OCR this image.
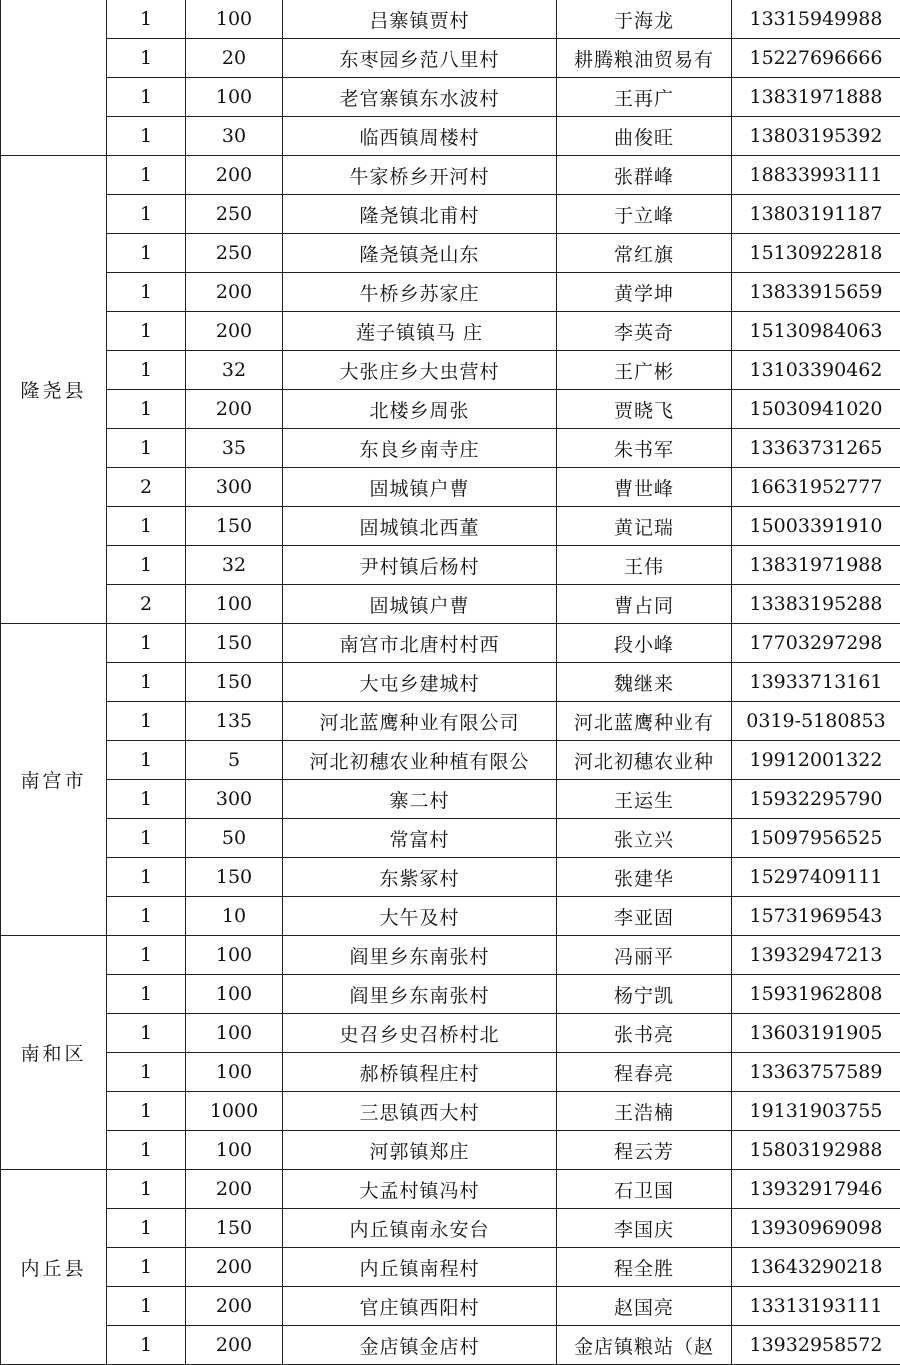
	1	100	吕寨镇贾村	于海龙	13315949988
	1	20	东枣园乡范八里村	耕腾粮油贸易有	15227696666
	1	100	老官寨镇东水波村	王再广	13831971888
	1	30	临西镇周楼村	曲俊旺	13803195392
隆尧县	1	200	牛家桥乡开河村	张群峰	18833993111
	1	250	隆尧镇北甫村	于立峰	13803191187
	1	250	隆尧镇尧山东	常红旗	15130922818
	1	200	牛桥乡苏家庄	黄学坤	13833915659
	1	200	莲子镇镇马 庄	李英奇	15130984063
	1	32	大张庄乡大虫营村	王广彬	13103390462
	1	200	北楼乡周张	贾晓飞	15030941020
	1	35	东良乡南寺庄	朱书军	13363731265
	2	300	固城镇户曹	曹世峰	16631952777
	1	150	固城镇北西董	黄记瑞	15003391910
	1	32	尹村镇后杨村	王伟	13831971988
	2	100	固城镇户曹	曹占同	13383195288
南宫市	1	150	南宫市北唐村村西	段小峰	17703297298
	1	150	大屯乡建城村	魏继来	13933713161
	1	135	河北蓝鹰种业有限公司	河北蓝鹰种业有	0319-5180853
	1	5	河北初穗农业种植有限公	河北初穗农业种	19912001322
	1	300	寨二村	王运生	15932295790
	1	50	常富村	张立兴	15097956525
	1	150	东紫冢村	张建华	15297409111
	1	10	大午及村	李亚固	15731969543
南和区	1	100	阎里乡东南张村	冯丽平	13932947213
	1	100	阎里乡东南张村	杨宁凯	15931962808
	1	100	史召乡史召桥村北	张书亮	13603191905
	1	100	郝桥镇程庄村	程春亮	13363757589
	1	1000	三思镇西大村	王浩楠	19131903755
	1	100	河郭镇郑庄	程云芳	15803192988
内丘县	1	200	大孟村镇冯村	石卫国	13932917946
	1	150	内丘镇南永安台	李国庆	13930969098
	1	200	内丘镇南程村	程全胜	13643290218
	1	200	官庄镇西阳村	赵国亮	13313193111
	1	200	金店镇金店村	金店镇粮站（赵	13932958572
